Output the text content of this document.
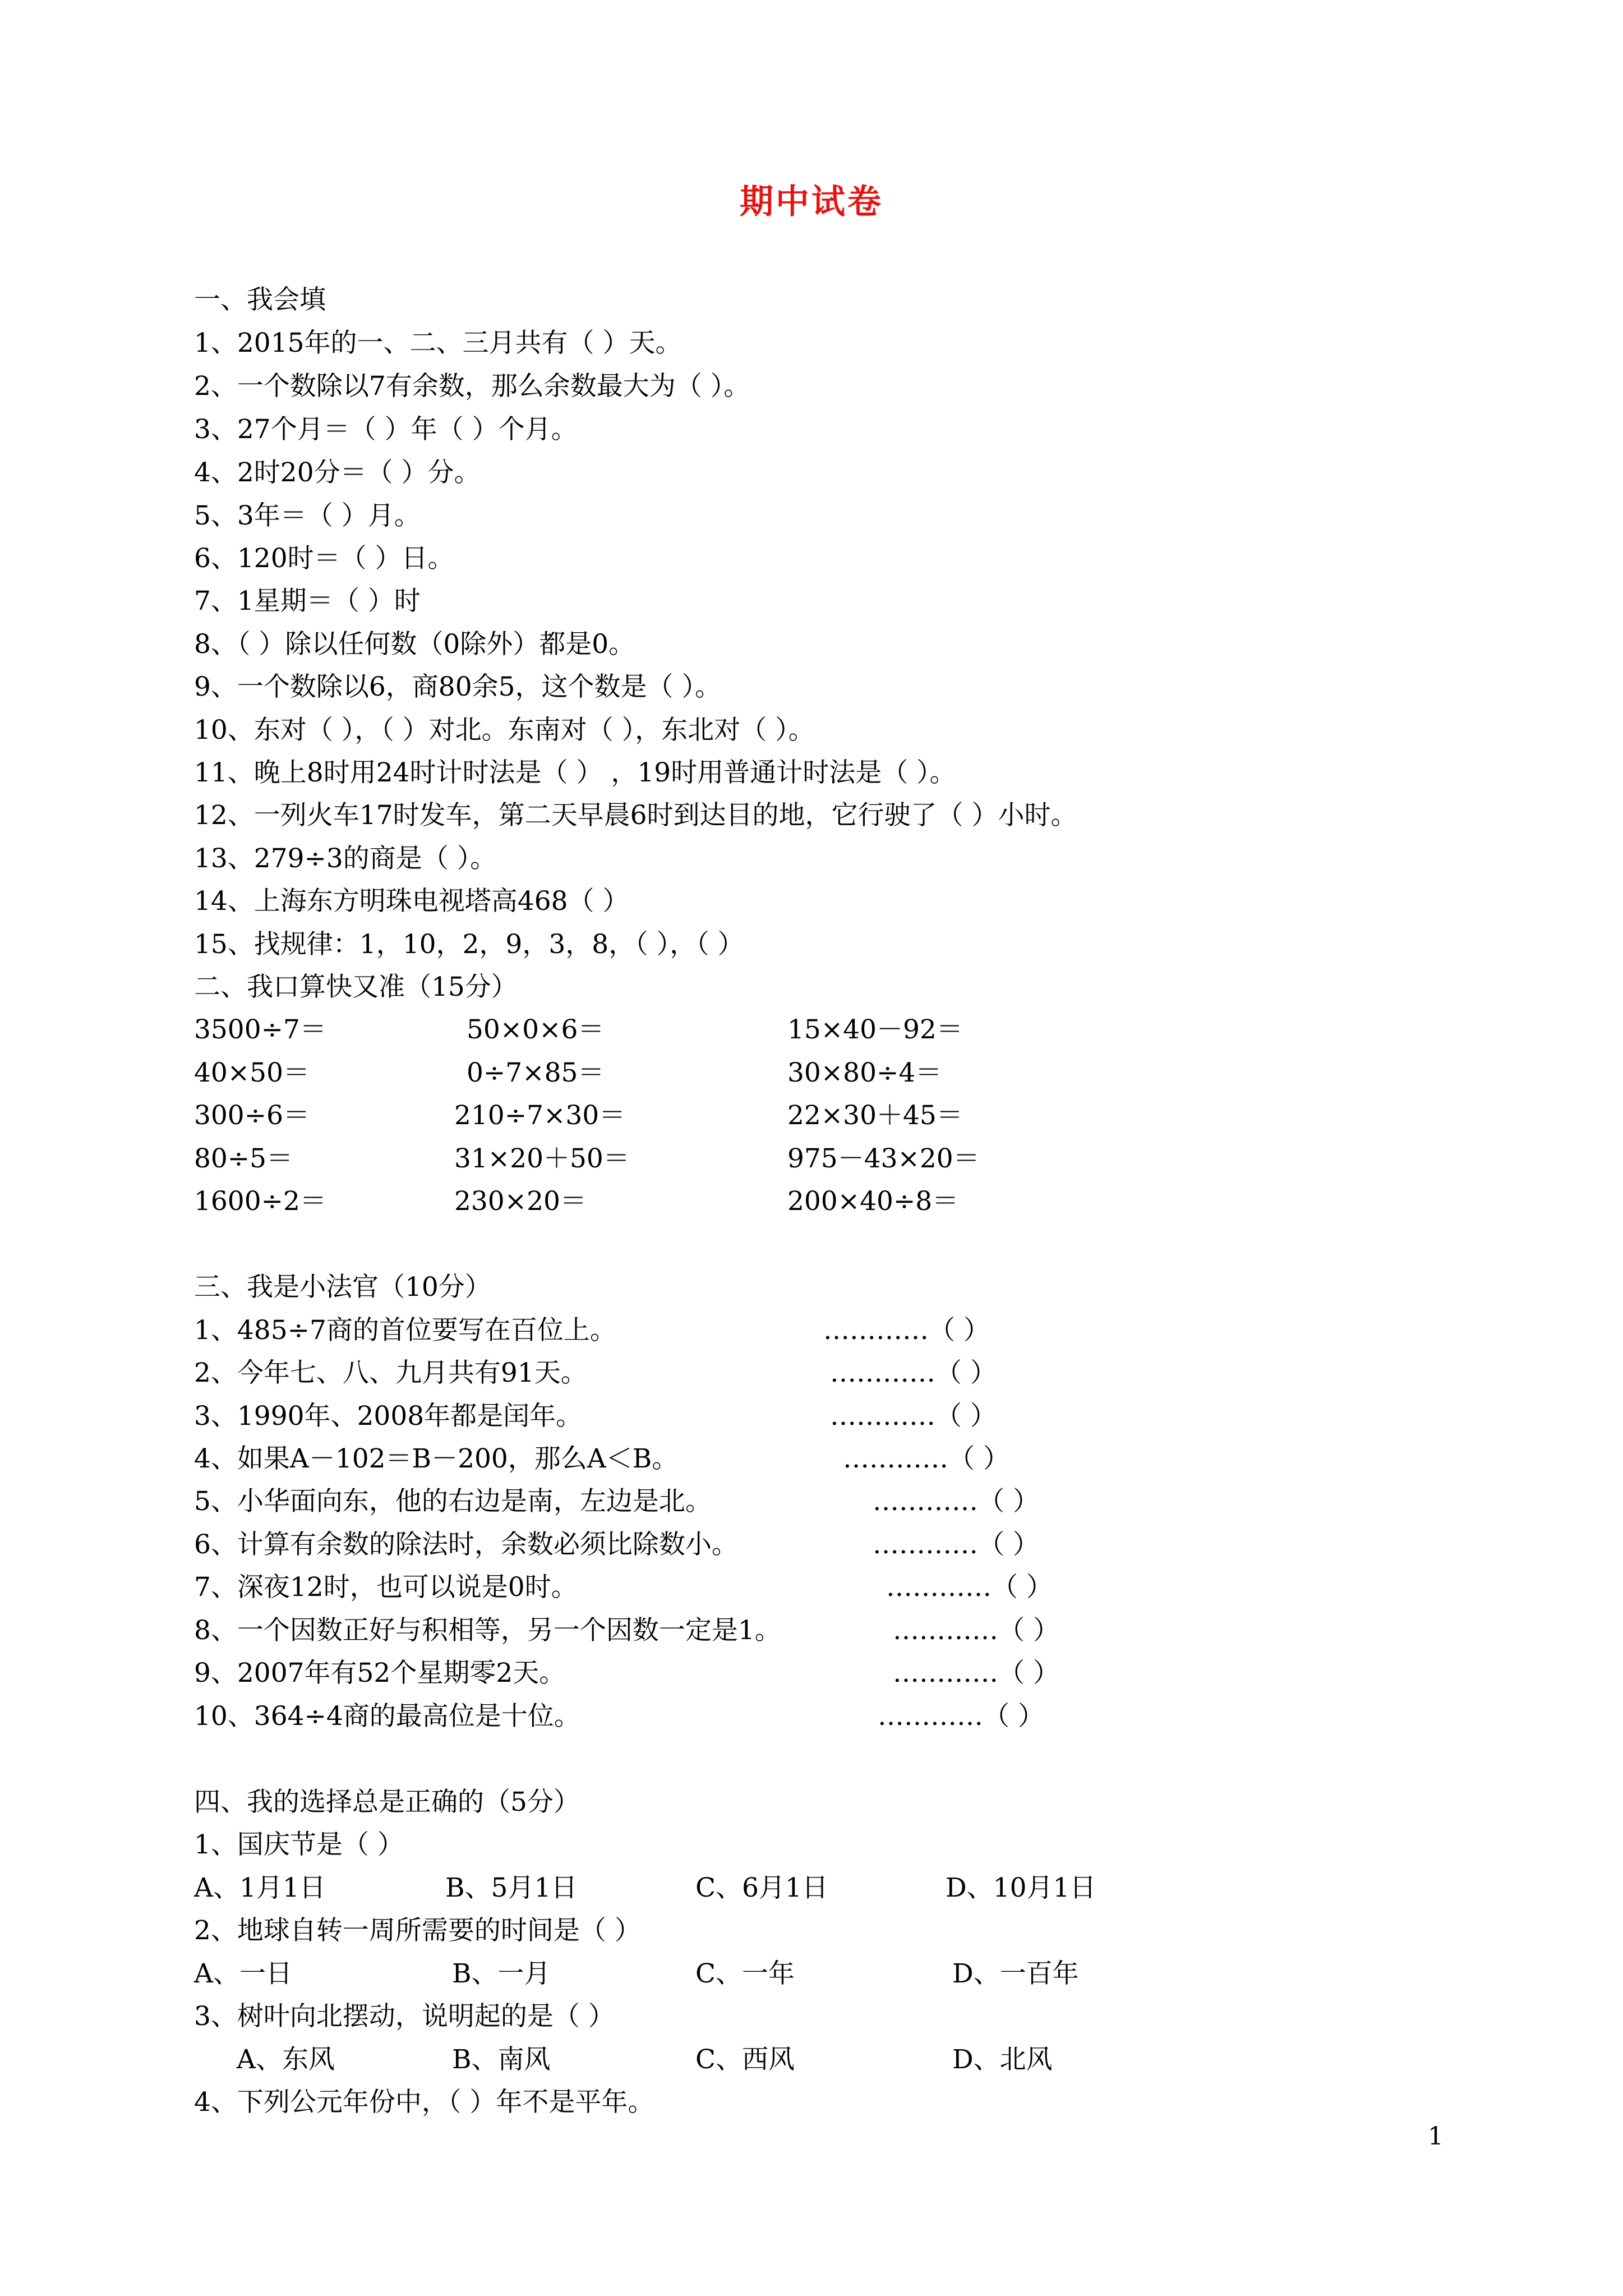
期中试卷
一、我会填
1、2015年的一、二、三月共有（ ）天。
2、一个数除以7有余数，那么余数最大为（ ）。
3、27个月＝（ ）年（ ）个月。
4、2时20分＝（ ）分。
5、3年＝（ ）月。
6、120时＝（ ）日。
7、1星期＝（ ）时
8、（ ）除以任何数（0除外）都是0。
9、一个数除以6，商80余5，这个数是（ ）。
10、东对（ ），（ ）对北。东南对（ ），东北对（ ）。
11、晚上8时用24时计时法是（ ） ，19时用普通计时法是（ ）。
12、一列火车17时发车，第二天早晨6时到达目的地，它行驶了（ ）小时。
13、279÷3的商是（ ）。
14、上海东方明珠电视塔高468（ ）
15、找规律：1，10，2，9，3，8，（ ），（ ）
二、我口算快又准（15分）
3500÷7＝	50×0×6＝	15×40－92＝
40×50＝	0÷7×85＝	30×80÷4＝
300÷6＝	210÷7×30＝	22×30＋45＝
80÷5＝	31×20＋50＝	975－43×20＝
1600÷2＝	230×20＝	200×40÷8＝
三、我是小法官（10分）
1、485÷7商的首位要写在百位上。	…………（ ）
2、今年七、八、九月共有91天。	…………（ ）
3、1990年、2008年都是闰年。	…………（ ）
4、如果A－102＝B－200，那么A＜B。	…………（ ）
5、小华面向东，他的右边是南，左边是北。	…………（ ）
6、计算有余数的除法时，余数必须比除数小。	…………（ ）
7、深夜12时，也可以说是0时。	…………（ ）
8、一个因数正好与积相等，另一个因数一定是1。	…………（ ）
9、2007年有52个星期零2天。	…………（ ）
10、364÷4商的最高位是十位。	…………（ ）
四、我的选择总是正确的（5分）
1、国庆节是（ ）
A、1月1日	B、5月1日	C、6月1日	D、10月1日
2、地球自转一周所需要的时间是（ ）
A、一日	B、一月	C、一年	D、一百年
3、树叶向北摆动，说明起的是（ ）
A、东风	B、南风	C、西风	D、北风
4、下列公元年份中，（ ）年不是平年。
1
